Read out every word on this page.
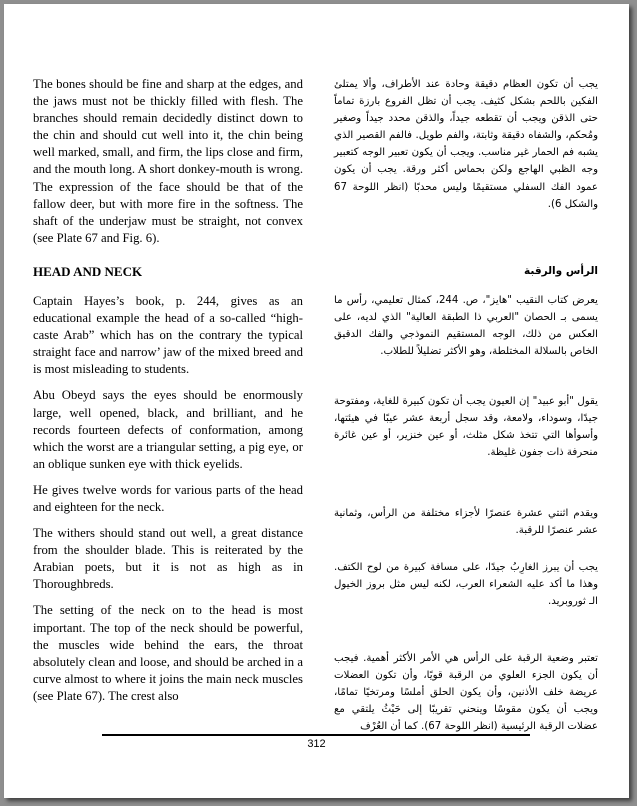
The bones should be fine and sharp at the edges, and the jaws must not be thickly filled with flesh. The branches should remain decidedly distinct down to the chin and should cut well into it, the chin being well marked, small, and firm, the lips close and firm, and the mouth long. A short donkey-mouth is wrong. The expression of the face should be that of the fallow deer, but with more fire in the softness. The shaft of the underjaw must be straight, not convex (see Plate 67 and Fig. 6).

HEAD AND NECK

Captain Hayes’s book, p. 244, gives as an educational example the head of a so-called “high-caste Arab” which has on the contrary the typical straight face and narrow’ jaw of the mixed breed and is most misleading to students.

Abu Obeyd says the eyes should be enormously large, well opened, black, and brilliant, and he records fourteen defects of conformation, among which the worst are a triangular setting, a pig eye, or an oblique sunken eye with thick eyelids.

He gives twelve words for various parts of the head and eighteen for the neck.

The withers should stand out well, a great distance from the shoulder blade. This is reiterated by the Arabian poets, but it is not as high as in Thoroughbreds.

The setting of the neck on to the head is most important. The top of the neck should be powerful, the muscles wide behind the ears, the throat absolutely clean and loose, and should be arched in a curve almost to where it joins the main neck muscles (see Plate 67). The crest also

يجب أن تكون العظام دقيقة وحادة عند الأطراف، وألا يمتلئ الفكين باللحم بشكل كثيف. يجب أن تظل الفروع بارزة تماماً حتى الذقن ويجب أن تقطعه جيداً، والذقن محدد جيداً وصغير ومُحكم، والشفاه دقيقة وثابتة، والفم طويل. فالفم القصير الذي يشبه فم الحمار غير مناسب. ويجب أن يكون تعبير الوجه كتعبير وجه الظبي الهاجع ولكن بحماس أكثر ورقة. يجب أن يكون عمود الفك السفلي مستقيمًا وليس محدبًا (انظر اللوحة 67 والشكل 6).

الرأس والرقبة

يعرض كتاب النقيب "هايز"، ص. 244، كمثال تعليمي، رأس ما يسمى بـ الحصان "العربي ذا الطبقة العالية" الذي لديه، على العكس من ذلك، الوجه المستقيم النموذجي والفك الدقيق الخاص بالسلالة المختلطة، وهو الأكثر تضليلاً للطلاب.

يقول "أبو عبيد" إن العيون يجب أن تكون كبيرة للغاية، ومفتوحة جيدًا، وسوداء، ولامعة، وقد سجل أربعة عشر عيبًا في هيئتها، وأسوأها التي تتخذ شكل مثلث، أو عين خنزير، أو عين غائرة منحرفة ذات جفون غليظة.

ويقدم اثنتي عشرة عنصرًا لأجزاء مختلفة من الرأس، وثمانية عشر عنصرًا للرقبة.

يجب أن يبرز الغارِبُ جيدًا، على مسافة كبيرة من لوح الكتف. وهذا ما أكد عليه الشعراء العرب، لكنه ليس مثل بروز الخيول الـ ثوروبريد.

تعتبر وضعية الرقبة على الرأس هي الأمر الأكثر أهمية. فيجب أن يكون الجزء العلوي من الرقبة قويًا، وأن تكون العضلات عريضة خلف الأذنين، وأن يكون الحلق أملسًا ومرتخيًا تمامًا، ويجب أن يكون مقوسًا وينحني تقريبًا إلى حَيْثُ يلتقي مع عضلات الرقبة الرئيسية (انظر اللوحة 67). كما أن العُرْف

312
